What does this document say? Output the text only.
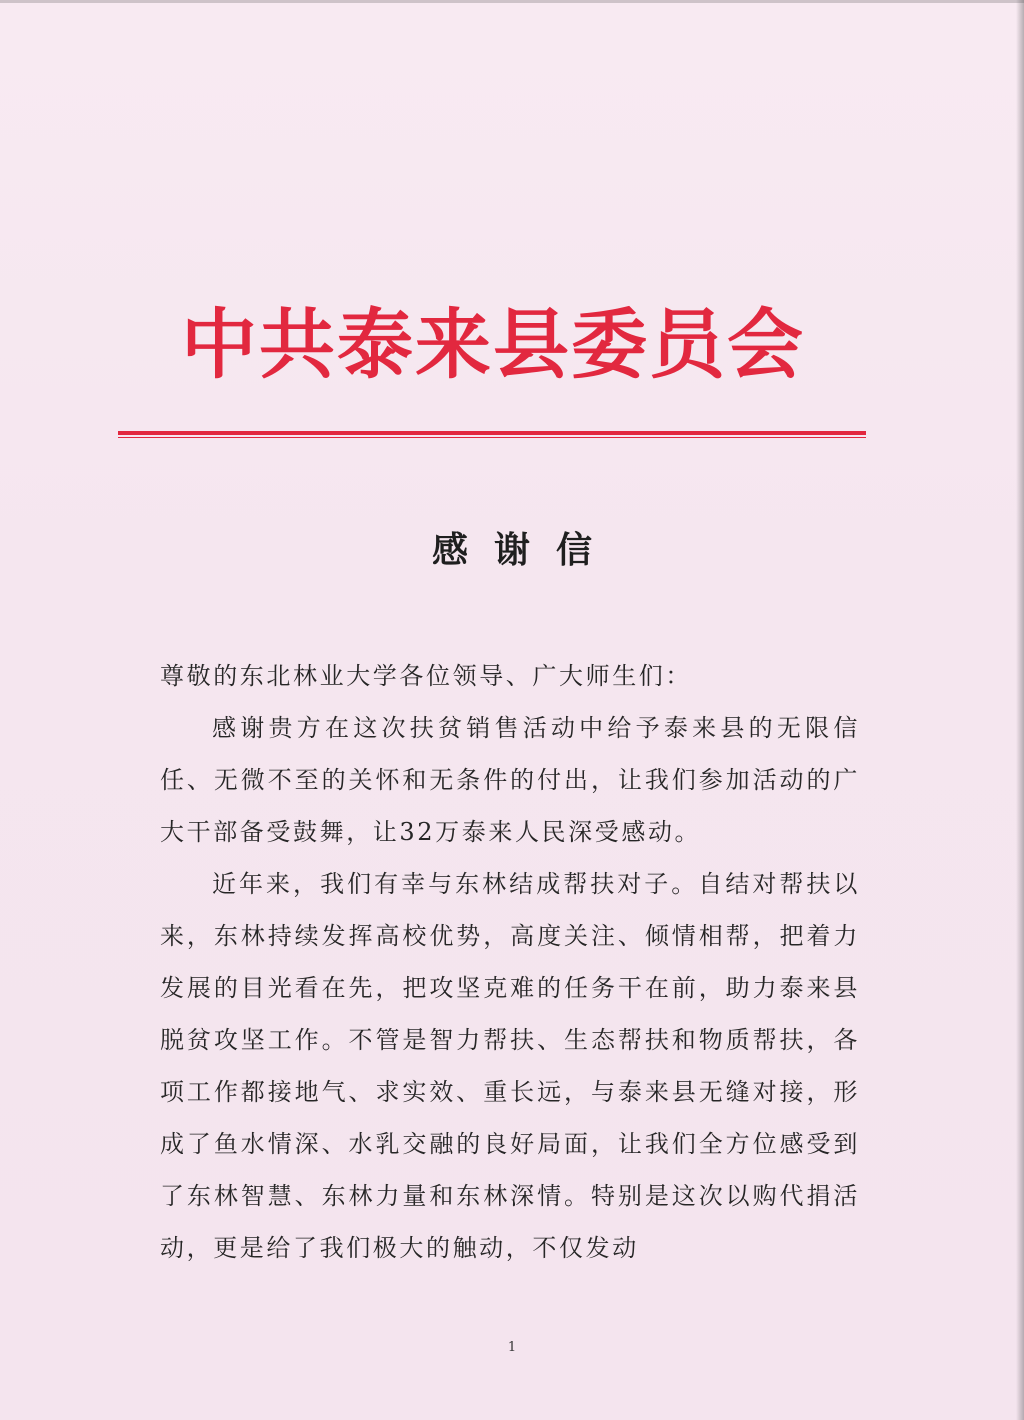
中共泰来县委员会
感谢信

尊敬的东北林业大学各位领导、广大师生们：

感谢贵方在这次扶贫销售活动中给予泰来县的无限信任、无微不至的关怀和无条件的付出，让我们参加活动的广大干部备受鼓舞，让32万泰来人民深受感动。

近年来，我们有幸与东林结成帮扶对子。自结对帮扶以来，东林持续发挥高校优势，高度关注、倾情相帮，把着力发展的目光看在先，把攻坚克难的任务干在前，助力泰来县脱贫攻坚工作。不管是智力帮扶、生态帮扶和物质帮扶，各项工作都接地气、求实效、重长远，与泰来县无缝对接，形成了鱼水情深、水乳交融的良好局面，让我们全方位感受到了东林智慧、东林力量和东林深情。特别是这次以购代捐活动，更是给了我们极大的触动，不仅发动

1
